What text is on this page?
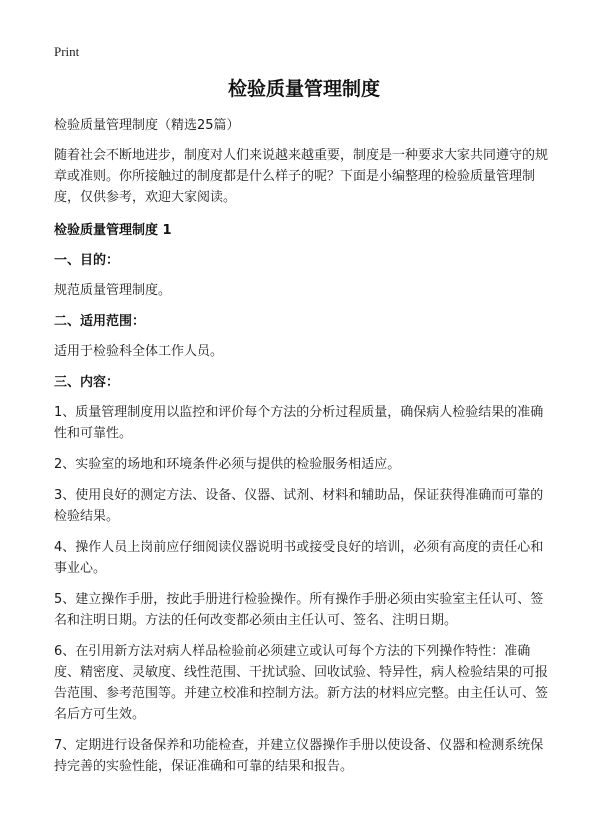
Print
检验质量管理制度
检验质量管理制度（精选25篇）
随着社会不断地进步，制度对人们来说越来越重要，制度是一种要求大家共同遵守的规章或准则。你所接触过的制度都是什么样子的呢？下面是小编整理的检验质量管理制度，仅供参考，欢迎大家阅读。
检验质量管理制度 1
一、目的：
规范质量管理制度。
二、适用范围：
适用于检验科全体工作人员。
三、内容：
1、质量管理制度用以监控和评价每个方法的分析过程质量，确保病人检验结果的准确性和可靠性。
2、实验室的场地和环境条件必须与提供的检验服务相适应。
3、使用良好的测定方法、设备、仪器、试剂、材料和辅助品，保证获得准确而可靠的检验结果。
4、操作人员上岗前应仔细阅读仪器说明书或接受良好的培训，必须有高度的责任心和事业心。
5、建立操作手册，按此手册进行检验操作。所有操作手册必须由实验室主任认可、签名和注明日期。方法的任何改变都必须由主任认可、签名、注明日期。
6、在引用新方法对病人样品检验前必须建立或认可每个方法的下列操作特性：准确度、精密度、灵敏度、线性范围、干扰试验、回收试验、特异性，病人检验结果的可报告范围、参考范围等。并建立校准和控制方法。新方法的材料应完整。由主任认可、签名后方可生效。
7、定期进行设备保养和功能检查，并建立仪器操作手册以使设备、仪器和检测系统保持完善的实验性能，保证准确和可靠的结果和报告。
